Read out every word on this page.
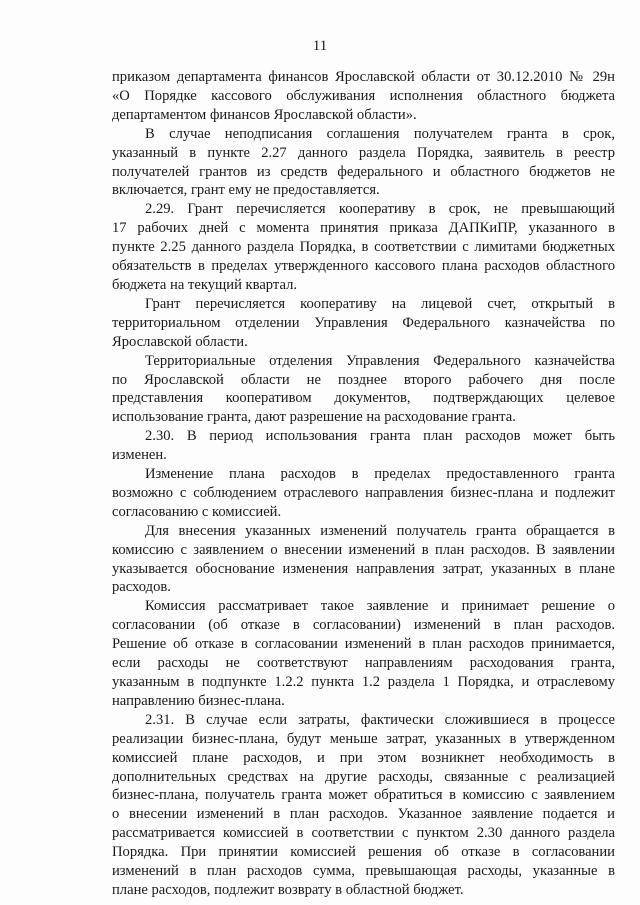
11
приказом департамента финансов Ярославской области от 30.12.2010 № 29н
«О Порядке кассового обслуживания исполнения областного бюджета
департаментом финансов Ярославской области».
В случае неподписания соглашения получателем гранта в срок,
указанный в пункте 2.27 данного раздела Порядка, заявитель в реестр
получателей грантов из средств федерального и областного бюджетов не
включается, грант ему не предоставляется.
2.29. Грант перечисляется кооперативу в срок, не превышающий
17 рабочих дней с момента принятия приказа ДАПКиПР, указанного в
пункте 2.25 данного раздела Порядка, в соответствии с лимитами бюджетных
обязательств в пределах утвержденного кассового плана расходов областного
бюджета на текущий квартал.
Грант перечисляется кооперативу на лицевой счет, открытый в
территориальном отделении Управления Федерального казначейства по
Ярославской области.
Территориальные отделения Управления Федерального казначейства
по Ярославской области не позднее второго рабочего дня после
представления кооперативом документов, подтверждающих целевое
использование гранта, дают разрешение на расходование гранта.
2.30. В период использования гранта план расходов может быть
изменен.
Изменение плана расходов в пределах предоставленного гранта
возможно с соблюдением отраслевого направления бизнес-плана и подлежит
согласованию с комиссией.
Для внесения указанных изменений получатель гранта обращается в
комиссию с заявлением о внесении изменений в план расходов. В заявлении
указывается обоснование изменения направления затрат, указанных в плане
расходов.
Комиссия рассматривает такое заявление и принимает решение о
согласовании (об отказе в согласовании) изменений в план расходов.
Решение об отказе в согласовании изменений в план расходов принимается,
если расходы не соответствуют направлениям расходования гранта,
указанным в подпункте 1.2.2 пункта 1.2 раздела 1 Порядка, и отраслевому
направлению бизнес-плана.
2.31. В случае если затраты, фактически сложившиеся в процессе
реализации бизнес-плана, будут меньше затрат, указанных в утвержденном
комиссией плане расходов, и при этом возникнет необходимость в
дополнительных средствах на другие расходы, связанные с реализацией
бизнес-плана, получатель гранта может обратиться в комиссию с заявлением
о внесении изменений в план расходов. Указанное заявление подается и
рассматривается комиссией в соответствии с пунктом 2.30 данного раздела
Порядка. При принятии комиссией решения об отказе в согласовании
изменений в план расходов сумма, превышающая расходы, указанные в
плане расходов, подлежит возврату в областной бюджет.
